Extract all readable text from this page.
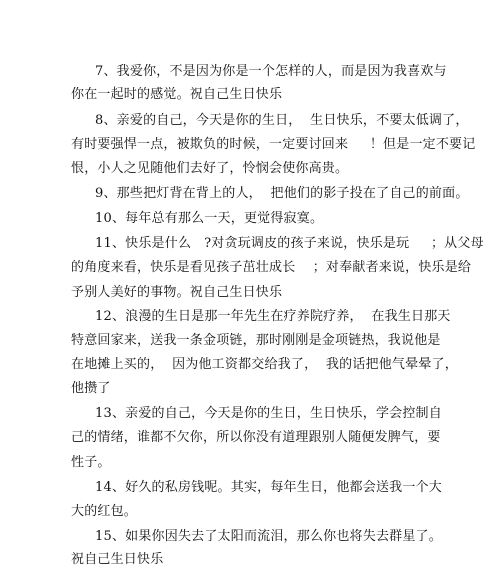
7、我爱你，不是因为你是一个怎样的人，而是因为我喜欢与
你在一起时的感觉。祝自己生日快乐
8、亲爱的自己，今天是你的生日，  生日快乐，不要太低调了，
有时要强悍一点，被欺负的时候，一定要讨回来     ！但是一定不要记
恨，小人之见随他们去好了，怜悯会使你高贵。
9、那些把灯背在背上的人，  把他们的影子投在了自己的前面。
10、每年总有那么一天，更觉得寂寞。
11、快乐是什么   ?对贪玩调皮的孩子来说，快乐是玩     ；从父母
的角度来看，快乐是看见孩子茁壮成长    ；对奉献者来说，快乐是给
予别人美好的事物。祝自己生日快乐
12、浪漫的生日是那一年先生在疗养院疗养，  在我生日那天
特意回家来，送我一条金项链，那时刚刚是金项链热，我说他是
在地摊上买的，  因为他工资都交给我了，  我的话把他气晕晕了，
他攒了
13、亲爱的自己，今天是你的生日，生日快乐，学会控制自
己的情绪，谁都不欠你，所以你没有道理跟别人随便发脾气，要
性子。
14、好久的私房钱呢。其实，每年生日，他都会送我一个大
大的红包。
15、如果你因失去了太阳而流泪，那么你也将失去群星了。
祝自己生日快乐
